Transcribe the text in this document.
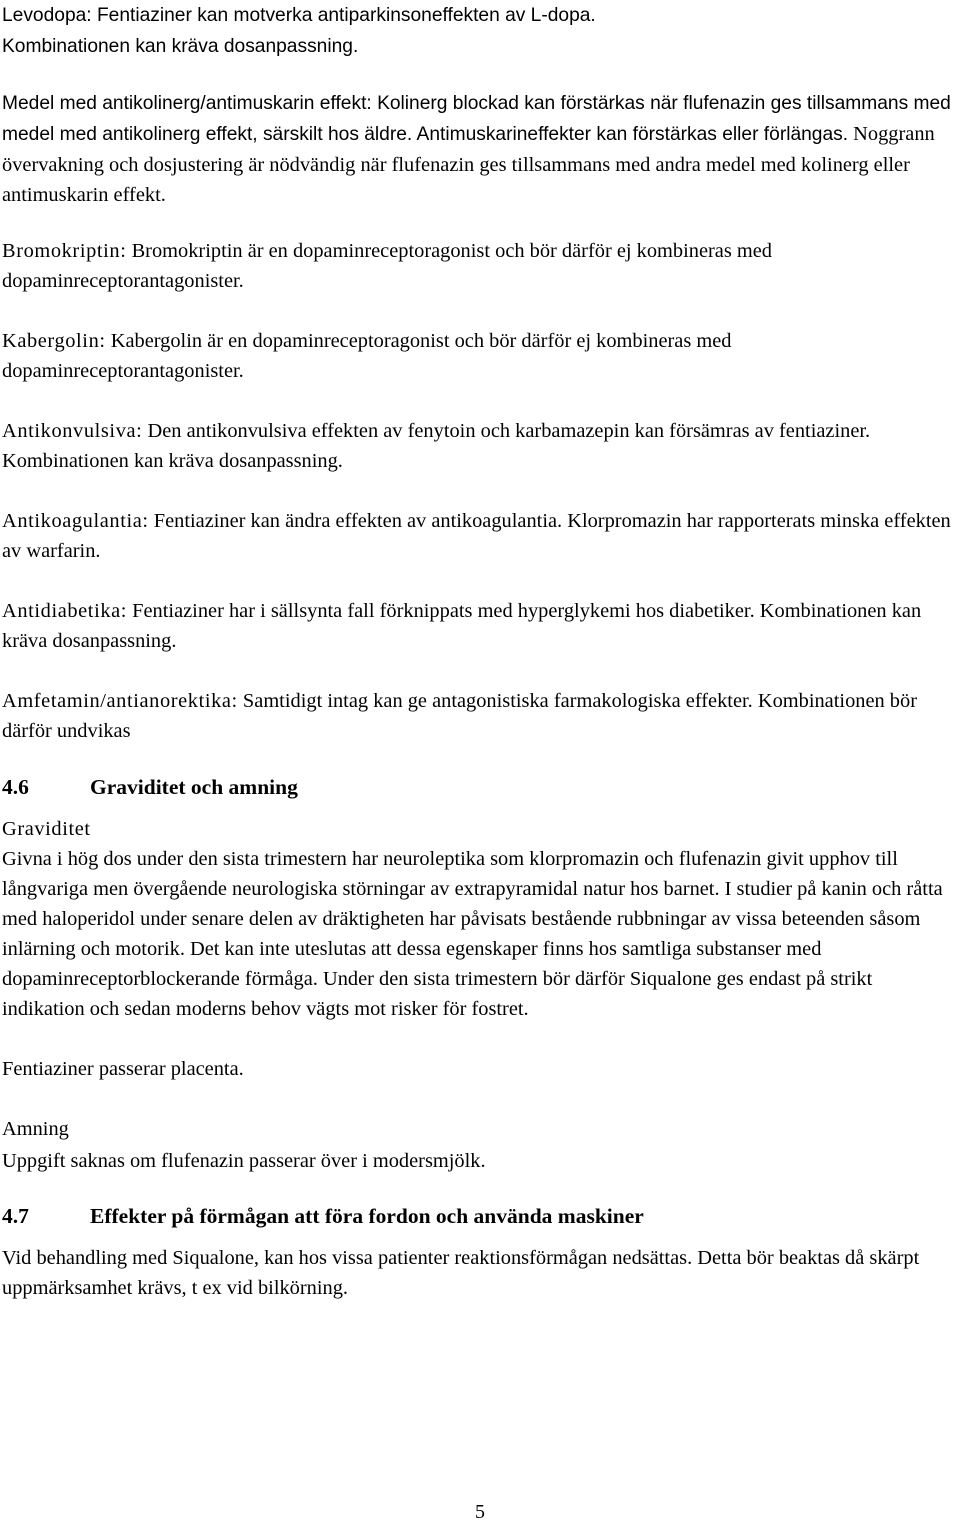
Levodopa: Fentiaziner kan motverka antiparkinsoneffekten av L-dopa.
Kombinationen kan kräva dosanpassning.

Medel med antikolinerg/antimuskarin effekt: Kolinerg blockad kan förstärkas när flufenazin ges tillsammans med medel med antikolinerg effekt, särskilt hos äldre. Antimuskarineffekter kan förstärkas eller förlängas. Noggrann övervakning och dosjustering är nödvändig när flufenazin ges tillsammans med andra medel med kolinerg eller antimuskarin effekt.

Bromokriptin: Bromokriptin är en dopaminreceptoragonist och bör därför ej kombineras med dopaminreceptorantagonister.

Kabergolin: Kabergolin är en dopaminreceptoragonist och bör därför ej kombineras med dopaminreceptorantagonister.

Antikonvulsiva: Den antikonvulsiva effekten av fenytoin och karbamazepin kan försämras av fentiaziner. Kombinationen kan kräva dosanpassning.

Antikoagulantia: Fentiaziner kan ändra effekten av antikoagulantia. Klorpromazin har rapporterats minska effekten av warfarin.

Antidiabetika: Fentiaziner har i sällsynta fall förknippats med hyperglykemi hos diabetiker. Kombinationen kan kräva dosanpassning.

Amfetamin/antianorektika: Samtidigt intag kan ge antagonistiska farmakologiska effekter. Kombinationen bör därför undvikas

4.6	Graviditet och amning

Graviditet

Givna i hög dos under den sista trimestern har neuroleptika som klorpromazin och flufenazin givit upphov till långvariga men övergående neurologiska störningar av extrapyramidal natur hos barnet. I studier på kanin och råtta med haloperidol under senare delen av dräktigheten har påvisats bestående rubbningar av vissa beteenden såsom inlärning och motorik. Det kan inte uteslutas att dessa egenskaper finns hos samtliga substanser med dopaminreceptorblockerande förmåga. Under den sista trimestern bör därför Siqualone ges endast på strikt indikation och sedan moderns behov vägts mot risker för fostret.

Fentiaziner passerar placenta.

Amning

Uppgift saknas om flufenazin passerar över i modersmjölk.

4.7	Effekter på förmågan att föra fordon och använda maskiner

Vid behandling med Siqualone, kan hos vissa patienter reaktionsförmågan nedsättas. Detta bör beaktas då skärpt uppmärksamhet krävs, t ex vid bilkörning.

5
